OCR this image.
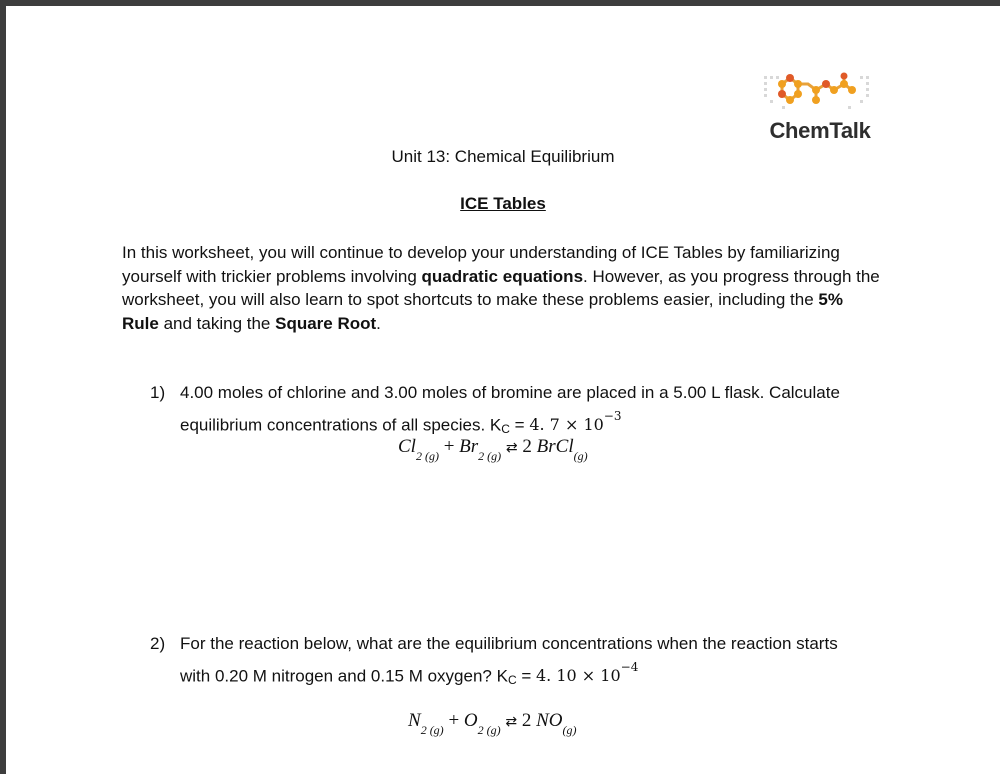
ChemTalk
Unit 13: Chemical Equilibrium
ICE Tables
In this worksheet, you will continue to develop your understanding of ICE Tables by familiarizing yourself with trickier problems involving quadratic equations. However, as you progress through the worksheet, you will also learn to spot shortcuts to make these problems easier, including the 5% Rule and taking the Square Root.
1) 4.00 moles of chlorine and 3.00 moles of bromine are placed in a 5.00 L flask. Calculate
equilibrium concentrations of all species. KC = 4. $7 \times 10^{-3}$
$Cl_{2 (g)} + Br_{2 (g)}$ ⇄ 2 BrCl$_{(g)}$
2) For the reaction below, what are the equilibrium concentrations when the reaction starts
with 0.20 M nitrogen and 0.15 M oxygen? KC = 4. $10 \times 10^{-4}$
$N_{2 (g)} + O_{2 (g)}$ ⇄ 2 $NO_{(g)}$
